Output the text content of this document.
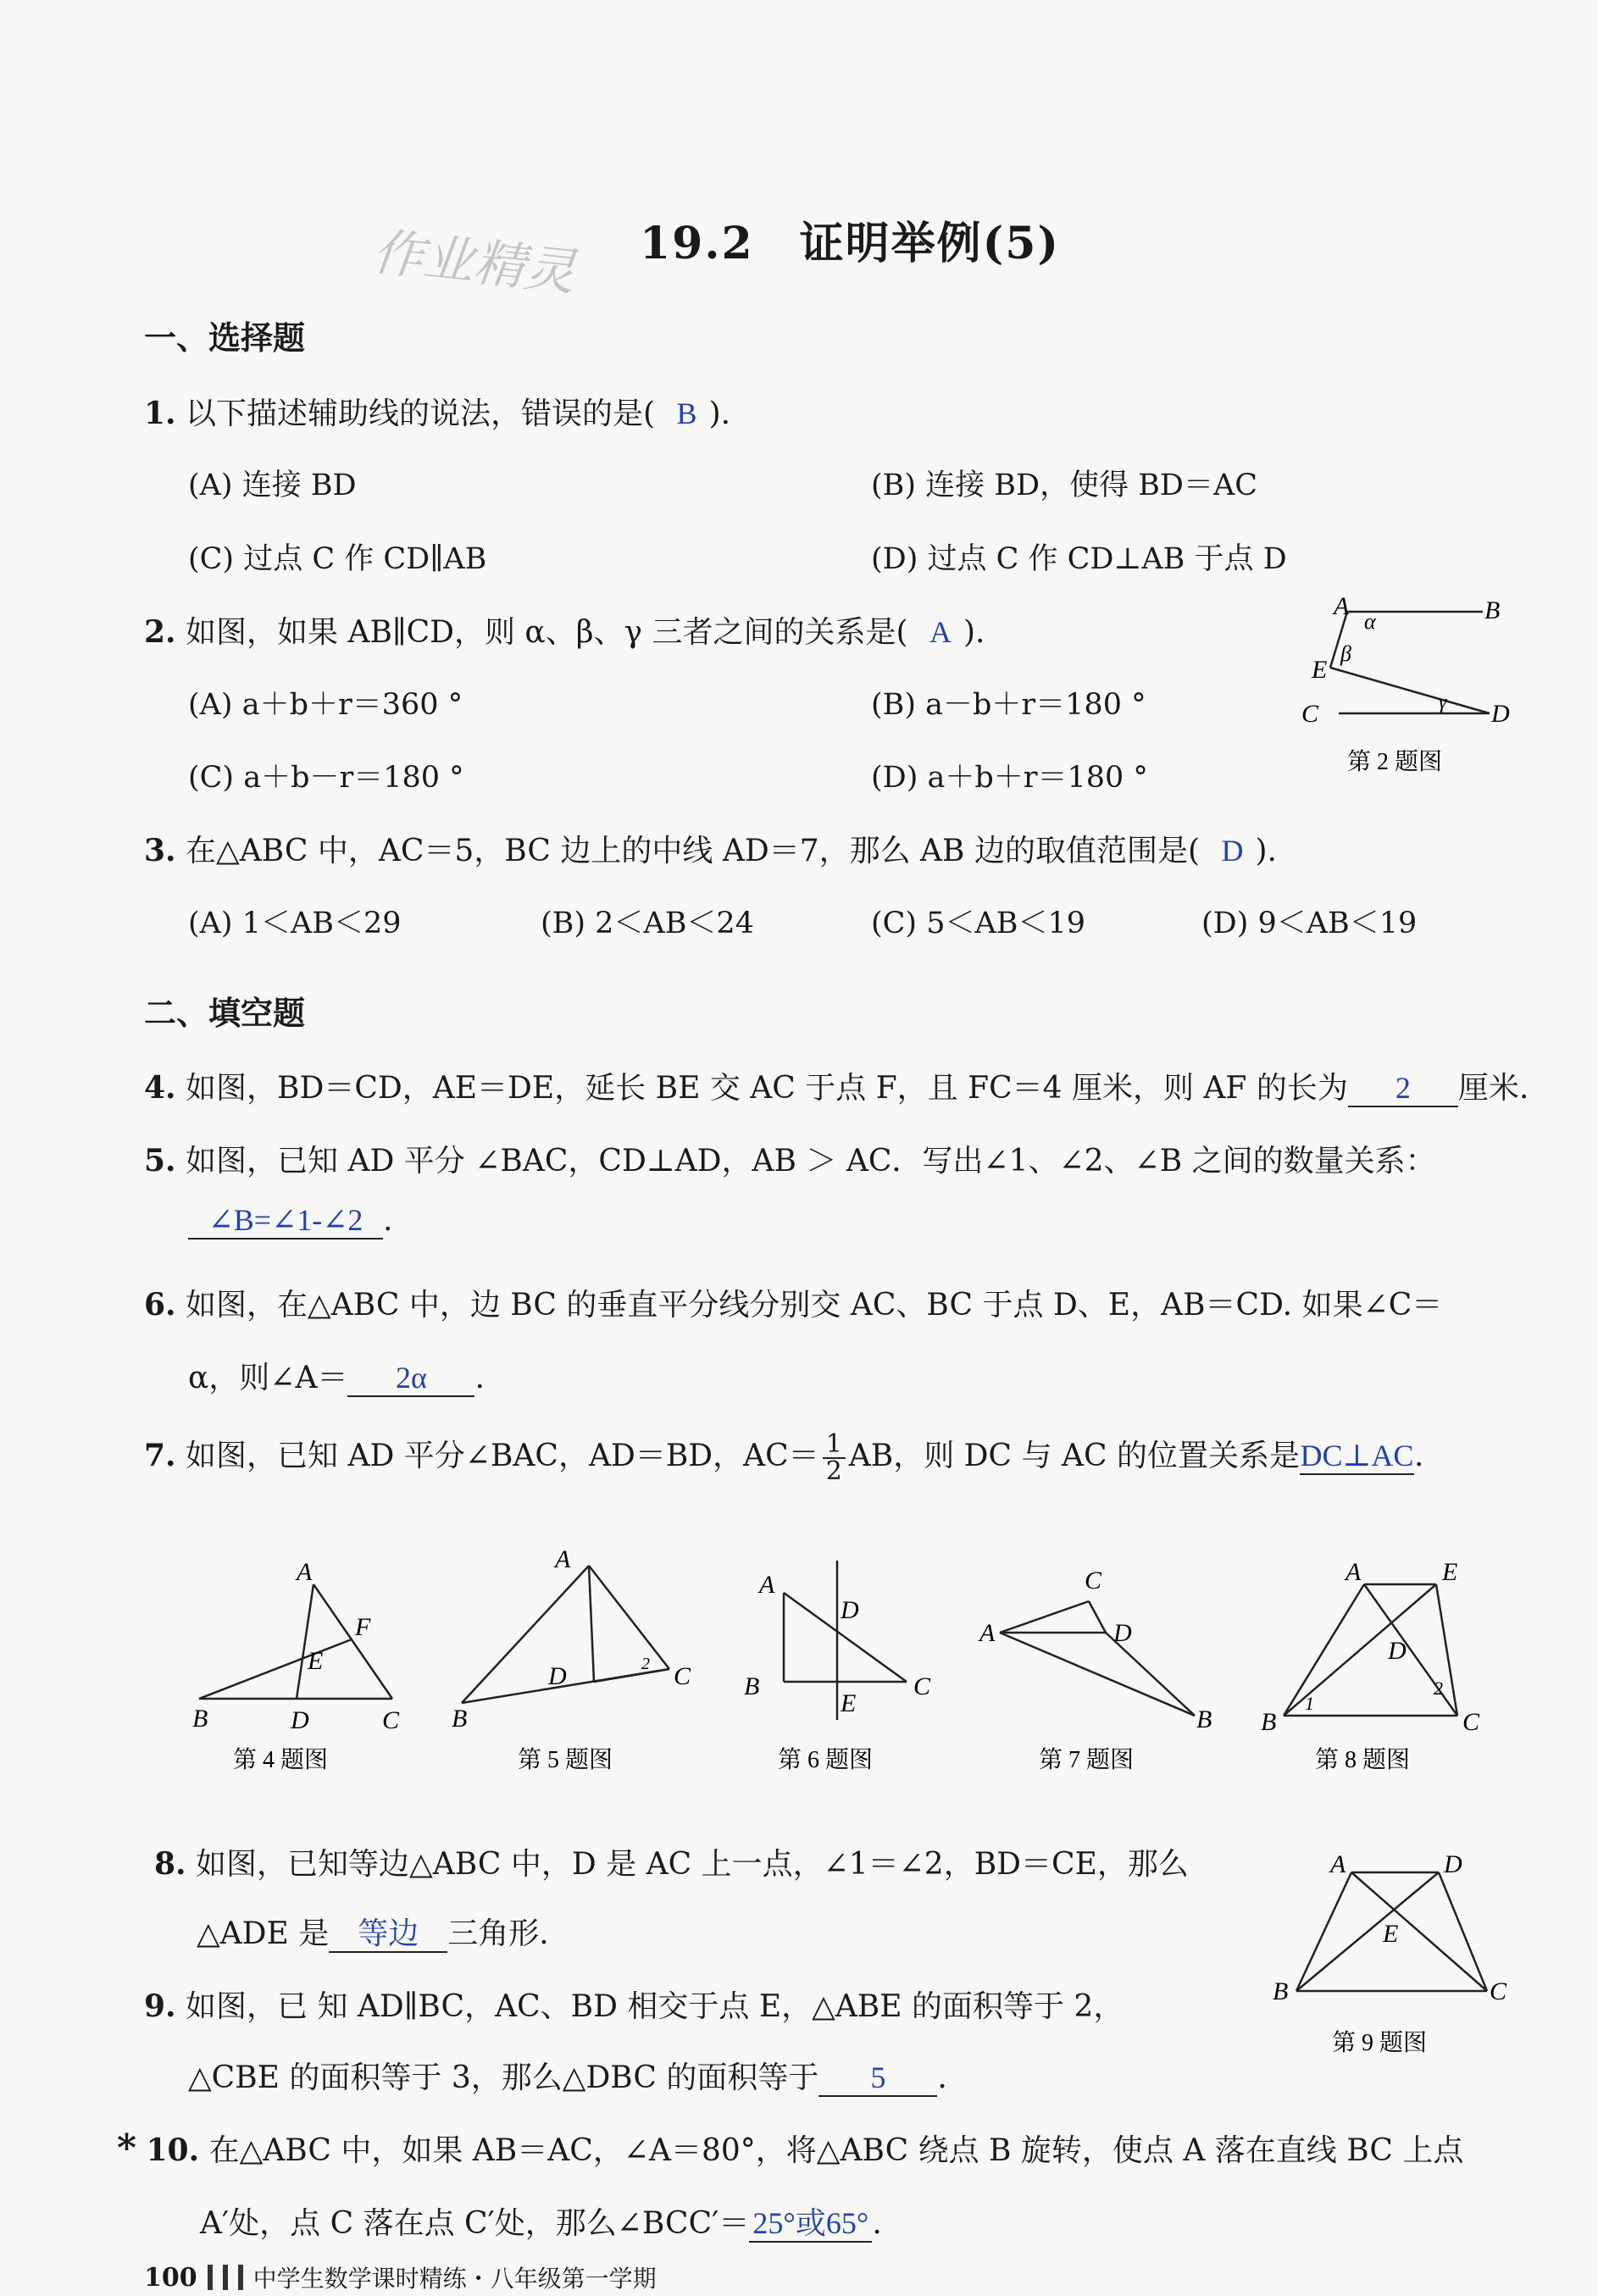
作业精灵 19.2　证明举例(5)
一、选择题
1. 以下描述辅助线的说法，错误的是( B ).
(A) 连接 BD	(B) 连接 BD，使得 BD＝AC
(C) 过点 C 作 CD∥AB	(D) 过点 C 作 CD⊥AB 于点 D
2. 如图，如果 AB∥CD，则 α、β、γ 三者之间的关系是( A ).
(A) a＋b＋r＝360 °	(B) a－b＋r＝180 °
(C) a＋b－r＝180 °	(D) a＋b＋r＝180 °
A	B
α
E
β
C	γ D
第 2 题图
3. 在△ABC 中，AC＝5，BC 边上的中线 AD＝7，那么 AB 边的取值范围是( D ).
(A) 1＜AB＜29	(B) 2＜AB＜24	(C) 5＜AB＜19	(D) 9＜AB＜19
二、填空题
4. 如图，BD＝CD，AE＝DE，延长 BE 交 AC 于点 F，且 FC＝4 厘米，则 AF 的长为 2 厘米.
5. 如图，已知 AD 平分 ∠BAC，CD⊥AD，AB ＞ AC．写出∠1、∠2、∠B 之间的数量关系：
∠B=∠1-∠2 .
6. 如图，在△ABC 中，边 BC 的垂直平分线分别交 AC、BC 于点 D、E，AB＝CD. 如果∠C＝
α，则∠A＝ 2α .
7. 如图，已知 AD 平分∠BAC，AD＝BD，$AC= \frac{1}{2}$ AB，则 DC 与 AC 的位置关系是DC⊥AC.
A
F
E
B	D	C
第 4 题图
A
D	2 C
B
第 5 题图
A
D
B
E
C
第 6 题图
C
A	D
B
第 7 题图
A	E
D
1
2
B	C
第 8 题图
8. 如图，已知等边△ABC 中，D 是 AC 上一点，∠1＝∠2，BD＝CE，那么
△ADE 是 等边 三角形.
A	D
E
B	C
第 9 题图
9. 如图，已 知 AD∥BC，AC、BD 相交于点 E，△ABE 的面积等于 2，
△CBE 的面积等于 3，那么△DBC 的面积等于 5 .
* 10. 在△ABC 中，如果 AB＝AC，∠A＝80°，将△ABC 绕点 B 旋转，使点 A 落在直线 BC 上点
A′处，点 C 落在点 C′处，那么∠BCC′＝ 25°或65° .
100 中学生数学课时精练・八年级第一学期
